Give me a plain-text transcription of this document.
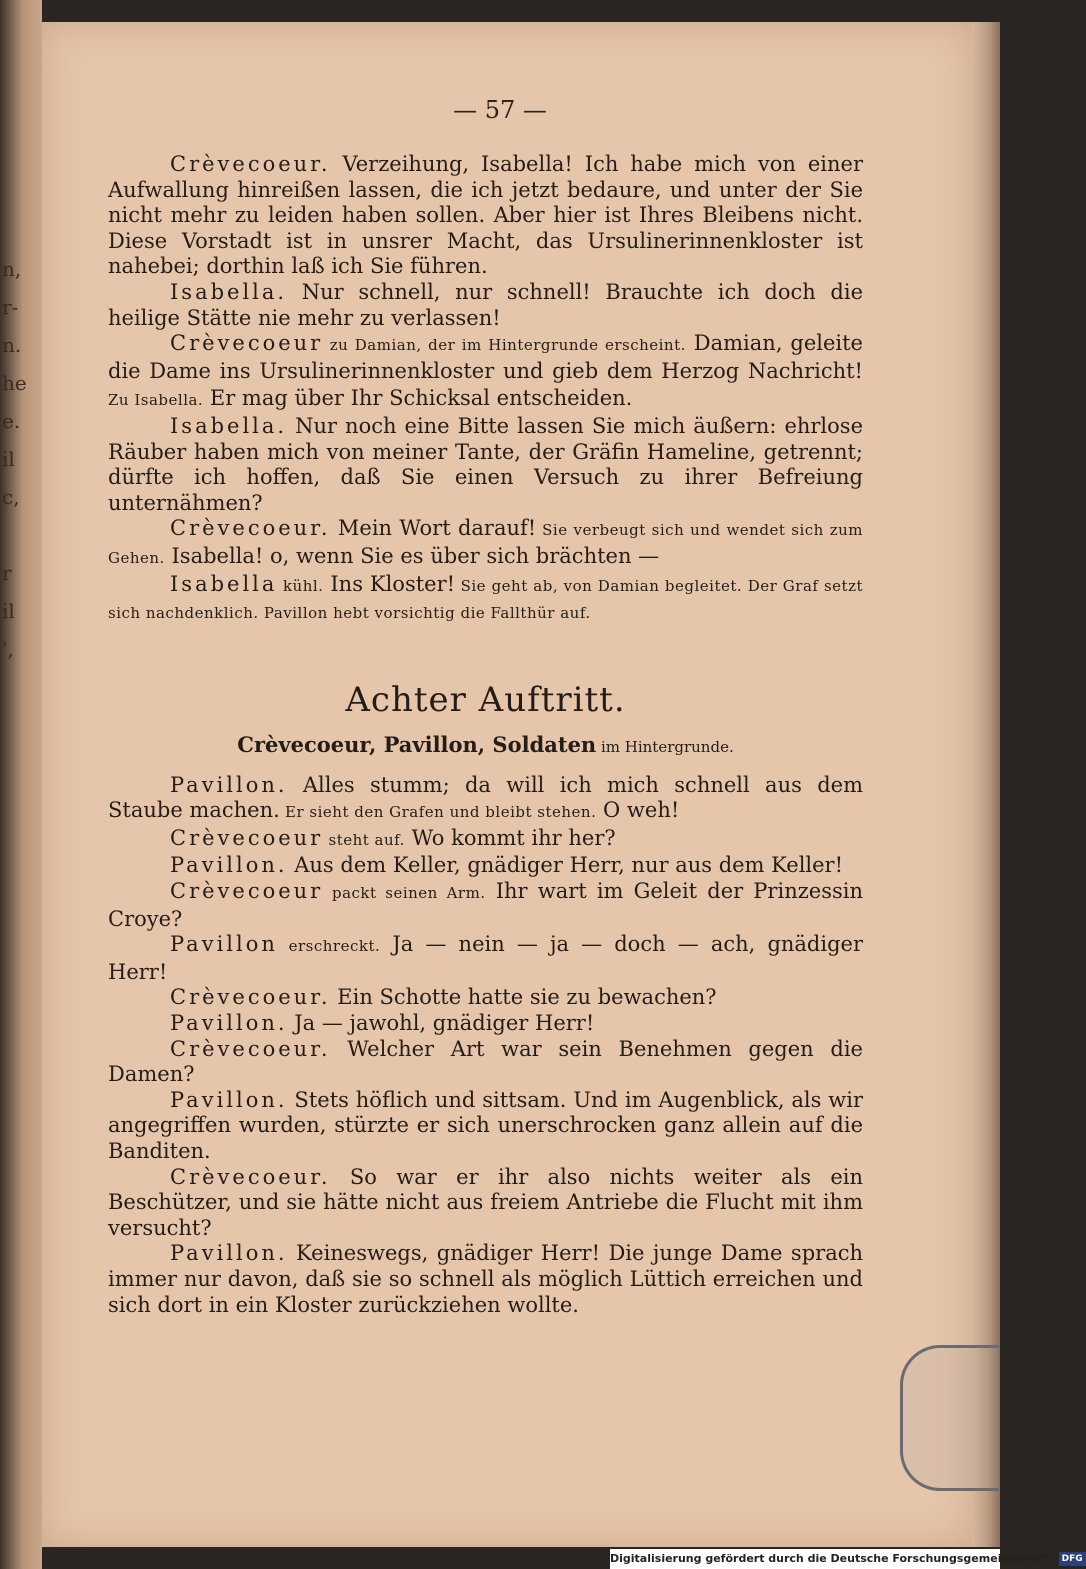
n,
r-
n.
he
e.
il
c,

r
il
',
— 57 —

Crèvecoeur. Verzeihung, Isabella! Ich habe mich von einer Aufwallung hinreißen lassen, die ich jetzt bedaure, und unter der Sie nicht mehr zu leiden haben sollen. Aber hier ist Ihres Bleibens nicht. Diese Vorstadt ist in unsrer Macht, das Ursulinerinnenkloster ist nahebei; dorthin laß ich Sie führen.

Isabella. Nur schnell, nur schnell! Brauchte ich doch die heilige Stätte nie mehr zu verlassen!

Crèvecoeur zu Damian, der im Hintergrunde erscheint. Damian, geleite die Dame ins Ursulinerinnenkloster und gieb dem Herzog Nachricht! Zu Isabella. Er mag über Ihr Schicksal entscheiden.

Isabella. Nur noch eine Bitte lassen Sie mich äußern: ehrlose Räuber haben mich von meiner Tante, der Gräfin Hameline, getrennt; dürfte ich hoffen, daß Sie einen Versuch zu ihrer Befreiung unternähmen?

Crèvecoeur. Mein Wort darauf! Sie verbeugt sich und wendet sich zum Gehen. Isabella! o, wenn Sie es über sich brächten —

Isabella kühl. Ins Kloster! Sie geht ab, von Damian begleitet. Der Graf setzt sich nachdenklich. Pavillon hebt vorsichtig die Fallthür auf.

Achter Auftritt.

Crèvecoeur, Pavillon, Soldaten im Hintergrunde.

Pavillon. Alles stumm; da will ich mich schnell aus dem Staube machen. Er sieht den Grafen und bleibt stehen. O weh!

Crèvecoeur steht auf. Wo kommt ihr her?

Pavillon. Aus dem Keller, gnädiger Herr, nur aus dem Keller!

Crèvecoeur packt seinen Arm. Ihr wart im Geleit der Prinzessin Croye?

Pavillon erschreckt. Ja — nein — ja — doch — ach, gnädiger Herr!

Crèvecoeur. Ein Schotte hatte sie zu bewachen?

Pavillon. Ja — jawohl, gnädiger Herr!

Crèvecoeur. Welcher Art war sein Benehmen gegen die Damen?

Pavillon. Stets höflich und sittsam. Und im Augenblick, als wir angegriffen wurden, stürzte er sich unerschrocken ganz allein auf die Banditen.

Crèvecoeur. So war er ihr also nichts weiter als ein Beschützer, und sie hätte nicht aus freiem Antriebe die Flucht mit ihm versucht?

Pavillon. Keineswegs, gnädiger Herr! Die junge Dame sprach immer nur davon, daß sie so schnell als möglich Lüttich erreichen und sich dort in ein Kloster zurückziehen wollte.

Digitalisierung gefördert durch die Deutsche Forschungsgemeinschaft · DFG
